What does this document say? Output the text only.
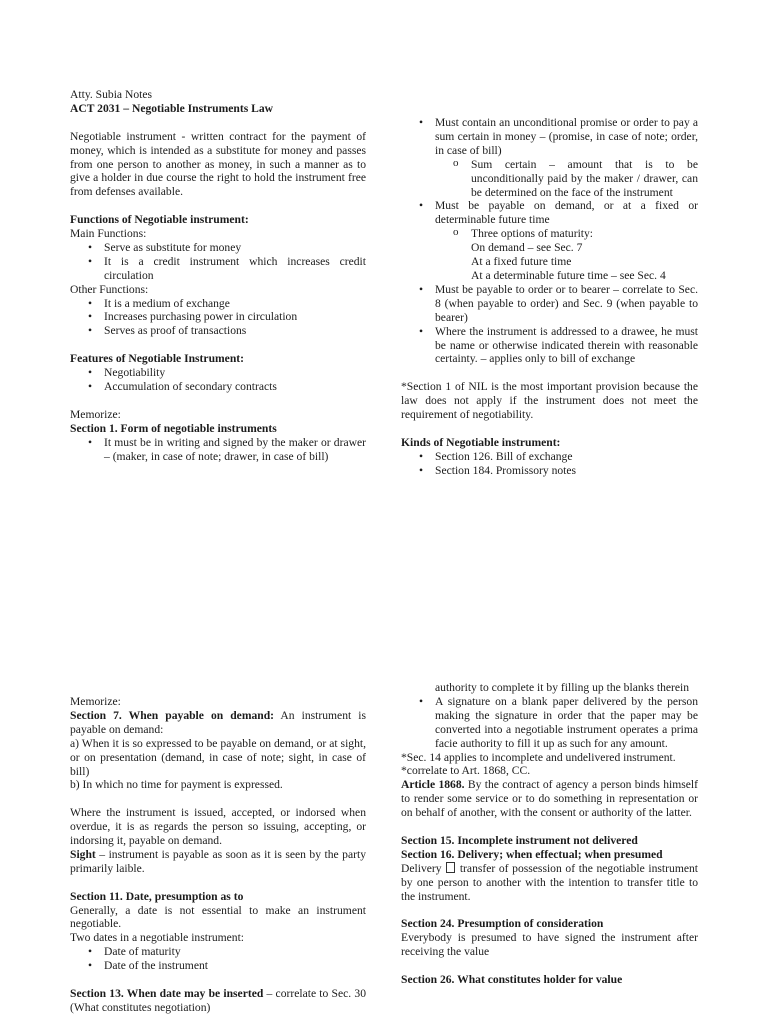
Atty. Subia Notes

ACT 2031 – Negotiable Instruments Law

Negotiable instrument - written contract for the payment of money, which is intended as a substitute for money and passes from one person to another as money, in such a manner as to give a holder in due course the right to hold the instrument free from defenses available.

Functions of Negotiable instrument:

Main Functions:

• Serve as substitute for money
• It is a credit instrument which increases credit circulation

Other Functions:

• It is a medium of exchange
• Increases purchasing power in circulation
• Serves as proof of transactions

Features of Negotiable Instrument:

• Negotiability
• Accumulation of secondary contracts

Memorize:

Section 1. Form of negotiable instruments

• It must be in writing and signed by the maker or drawer – (maker, in case of note; drawer, in case of bill)
• Must contain an unconditional promise or order to pay a sum certain in money – (promise, in case of note; order, in case of bill)
o Sum certain – amount that is to be unconditionally paid by the maker / drawer, can be determined on the face of the instrument
• Must be payable on demand, or at a fixed or determinable future time
o Three options of maturity:
On demand – see Sec. 7
At a fixed future time
At a determinable future time – see Sec. 4
• Must be payable to order or to bearer – correlate to Sec. 8 (when payable to order) and Sec. 9 (when payable to bearer)
• Where the instrument is addressed to a drawee, he must be name or otherwise indicated therein with reasonable certainty. – applies only to bill of exchange

*Section 1 of NIL is the most important provision because the law does not apply if the instrument does not meet the requirement of negotiability.

Kinds of Negotiable instrument:

• Section 126. Bill of exchange
• Section 184. Promissory notes

Memorize:

Section 7. When payable on demand: An instrument is payable on demand:

a) When it is so expressed to be payable on demand, or at sight, or on presentation (demand, in case of note; sight, in case of bill)

b) In which no time for payment is expressed.

Where the instrument is issued, accepted, or indorsed when overdue, it is as regards the person so issuing, accepting, or indorsing it, payable on demand.

Sight – instrument is payable as soon as it is seen by the party primarily laible.

Section 11. Date, presumption as to

Generally, a date is not essential to make an instrument negotiable.

Two dates in a negotiable instrument:

• Date of maturity
• Date of the instrument

Section 13. When date may be inserted – correlate to Sec. 30 (What constitutes negotiation)

authority to complete it by filling up the blanks therein

• A signature on a blank paper delivered by the person making the signature in order that the paper may be converted into a negotiable instrument operates a prima facie authority to fill it up as such for any amount.

*Sec. 14 applies to incomplete and undelivered instrument.

*correlate to Art. 1868, CC.

Article 1868. By the contract of agency a person binds himself to render some service or to do something in representation or on behalf of another, with the consent or authority of the latter.

Section 15. Incomplete instrument not delivered

Section 16. Delivery; when effectual; when presumed

Delivery  transfer of possession of the negotiable instrument by one person to another with the intention to transfer title to the instrument.

Section 24. Presumption of consideration

Everybody is presumed to have signed the instrument after receiving the value

Section 26. What constitutes holder for value
